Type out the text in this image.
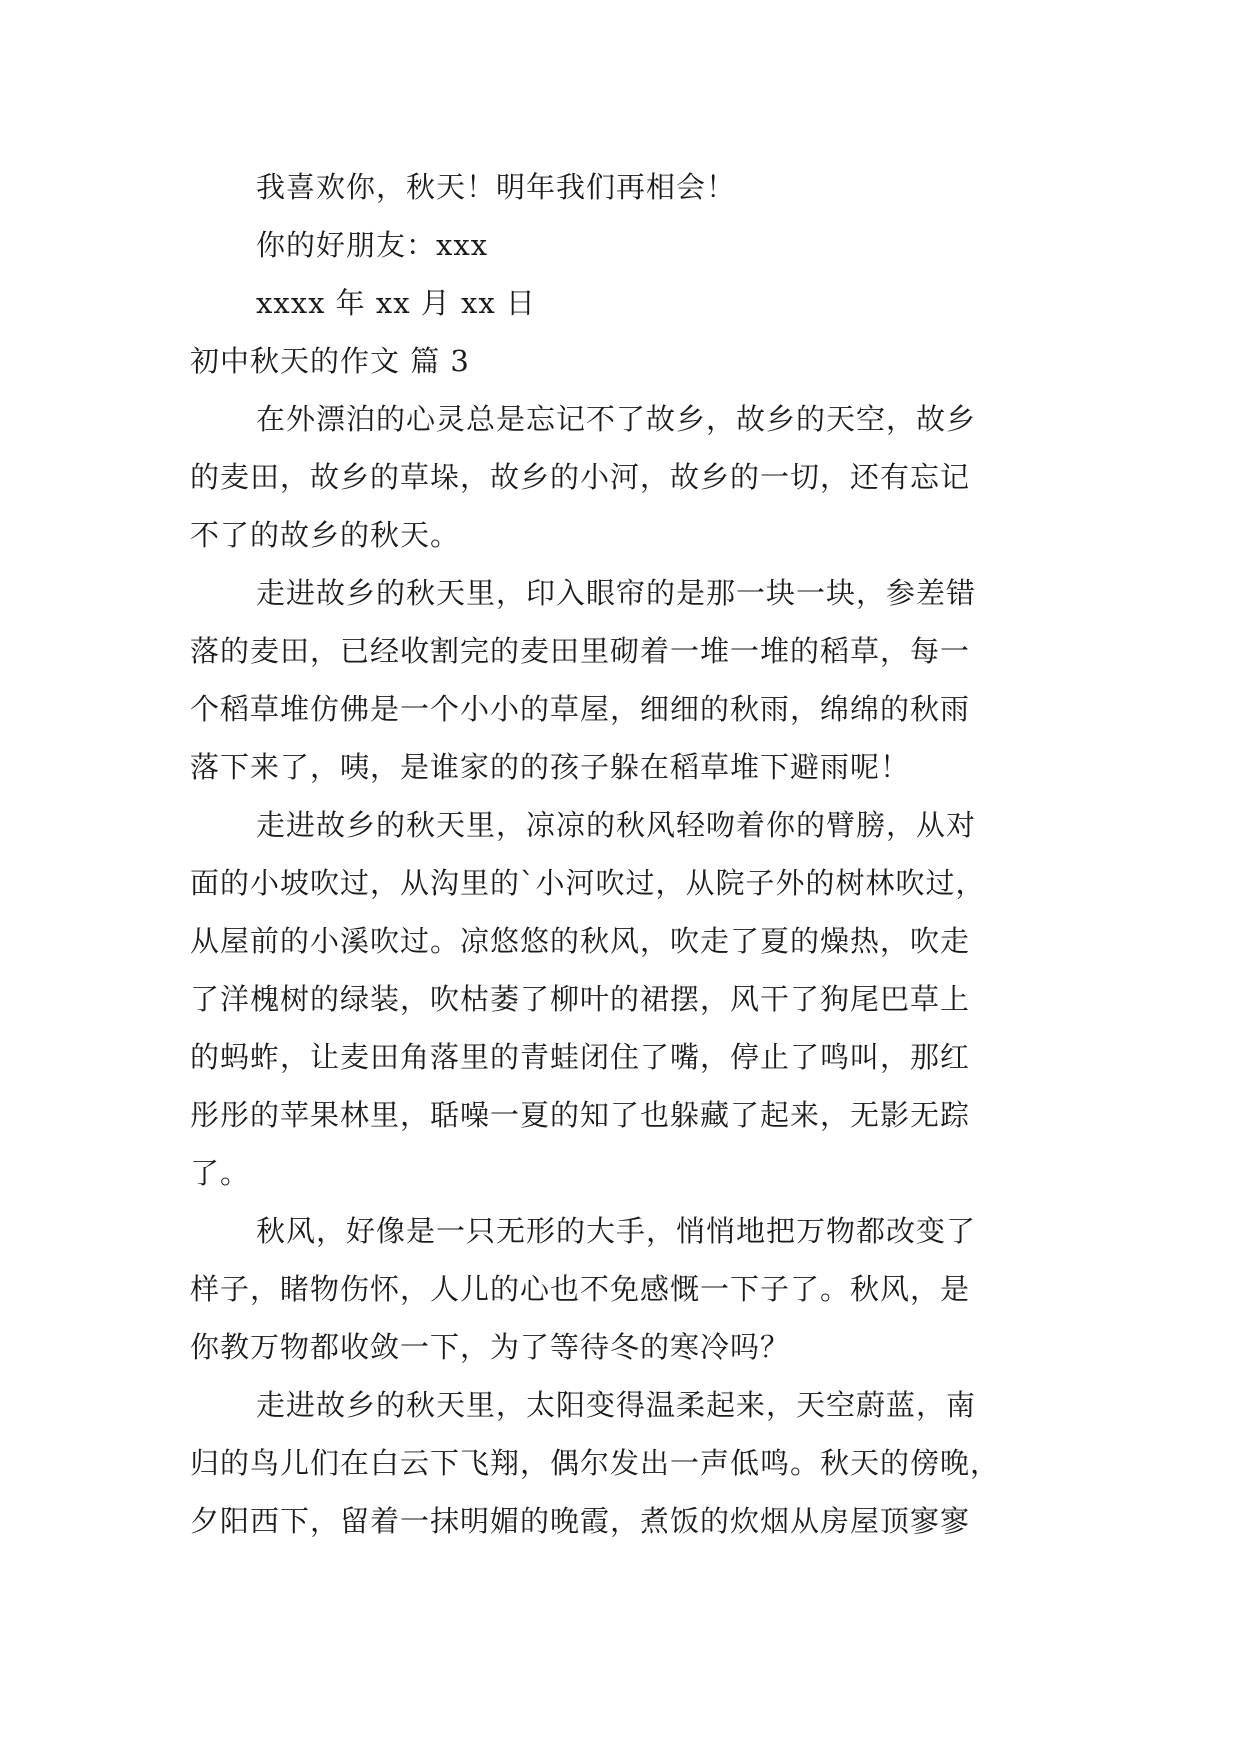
我喜欢你，秋天！明年我们再相会！
你的好朋友：xxx
xxxx 年 xx 月 xx 日
初中秋天的作文 篇 3
在外漂泊的心灵总是忘记不了故乡，故乡的天空，故乡
的麦田，故乡的草垛，故乡的小河，故乡的一切，还有忘记
不了的故乡的秋天。
走进故乡的秋天里，印入眼帘的是那一块一块，参差错
落的麦田，已经收割完的麦田里砌着一堆一堆的稻草，每一
个稻草堆仿佛是一个小小的草屋，细细的秋雨，绵绵的秋雨
落下来了，咦，是谁家的的孩子躲在稻草堆下避雨呢！
走进故乡的秋天里，凉凉的秋风轻吻着你的臂膀，从对
面的小坡吹过，从沟里的`小河吹过，从院子外的树林吹过，
从屋前的小溪吹过。凉悠悠的秋风，吹走了夏的燥热，吹走
了洋槐树的绿装，吹枯萎了柳叶的裙摆，风干了狗尾巴草上
的蚂蚱，让麦田角落里的青蛙闭住了嘴，停止了鸣叫，那红
彤彤的苹果林里，聒噪一夏的知了也躲藏了起来，无影无踪
了。
秋风，好像是一只无形的大手，悄悄地把万物都改变了
样子，睹物伤怀，人儿的心也不免感慨一下子了。秋风，是
你教万物都收敛一下，为了等待冬的寒冷吗？
走进故乡的秋天里，太阳变得温柔起来，天空蔚蓝，南
归的鸟儿们在白云下飞翔，偶尔发出一声低鸣。秋天的傍晚，
夕阳西下，留着一抹明媚的晚霞，煮饭的炊烟从房屋顶寥寥
